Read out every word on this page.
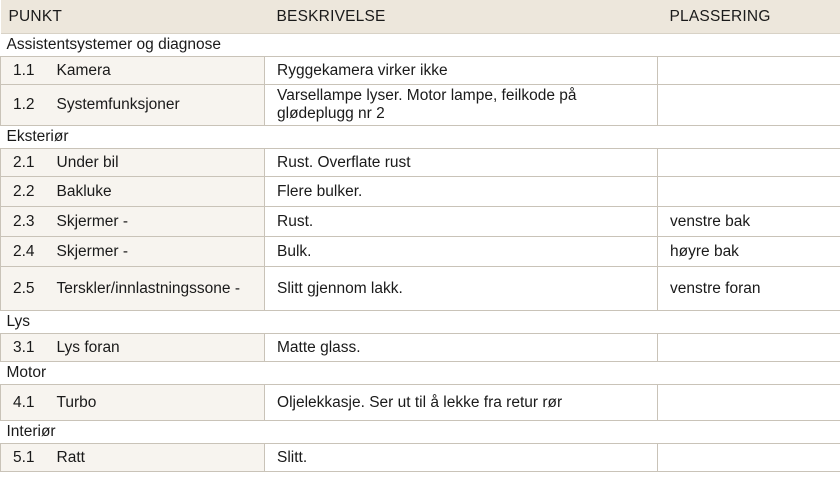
PUNKT		BESKRIVELSE	PLASSERING
Assistentsystemer og diagnose			
1.1	Kamera	Ryggekamera virker ikke	
1.2	Systemfunksjoner	Varsellampe lyser. Motor lampe, feilkode på glødeplugg nr 2	
Eksteriør			
2.1	Under bil	Rust. Overflate rust	
2.2	Bakluke	Flere bulker.	
2.3	Skjermer -	Rust.	venstre bak
2.4	Skjermer -	Bulk.	høyre bak
2.5	Terskler/innlastningssone -	Slitt gjennom lakk.	venstre foran
Lys			
3.1	Lys foran	Matte glass.	
Motor			
4.1	Turbo	Oljelekkasje. Ser ut til å lekke fra retur rør	
Interiør			
5.1	Ratt	Slitt.	
